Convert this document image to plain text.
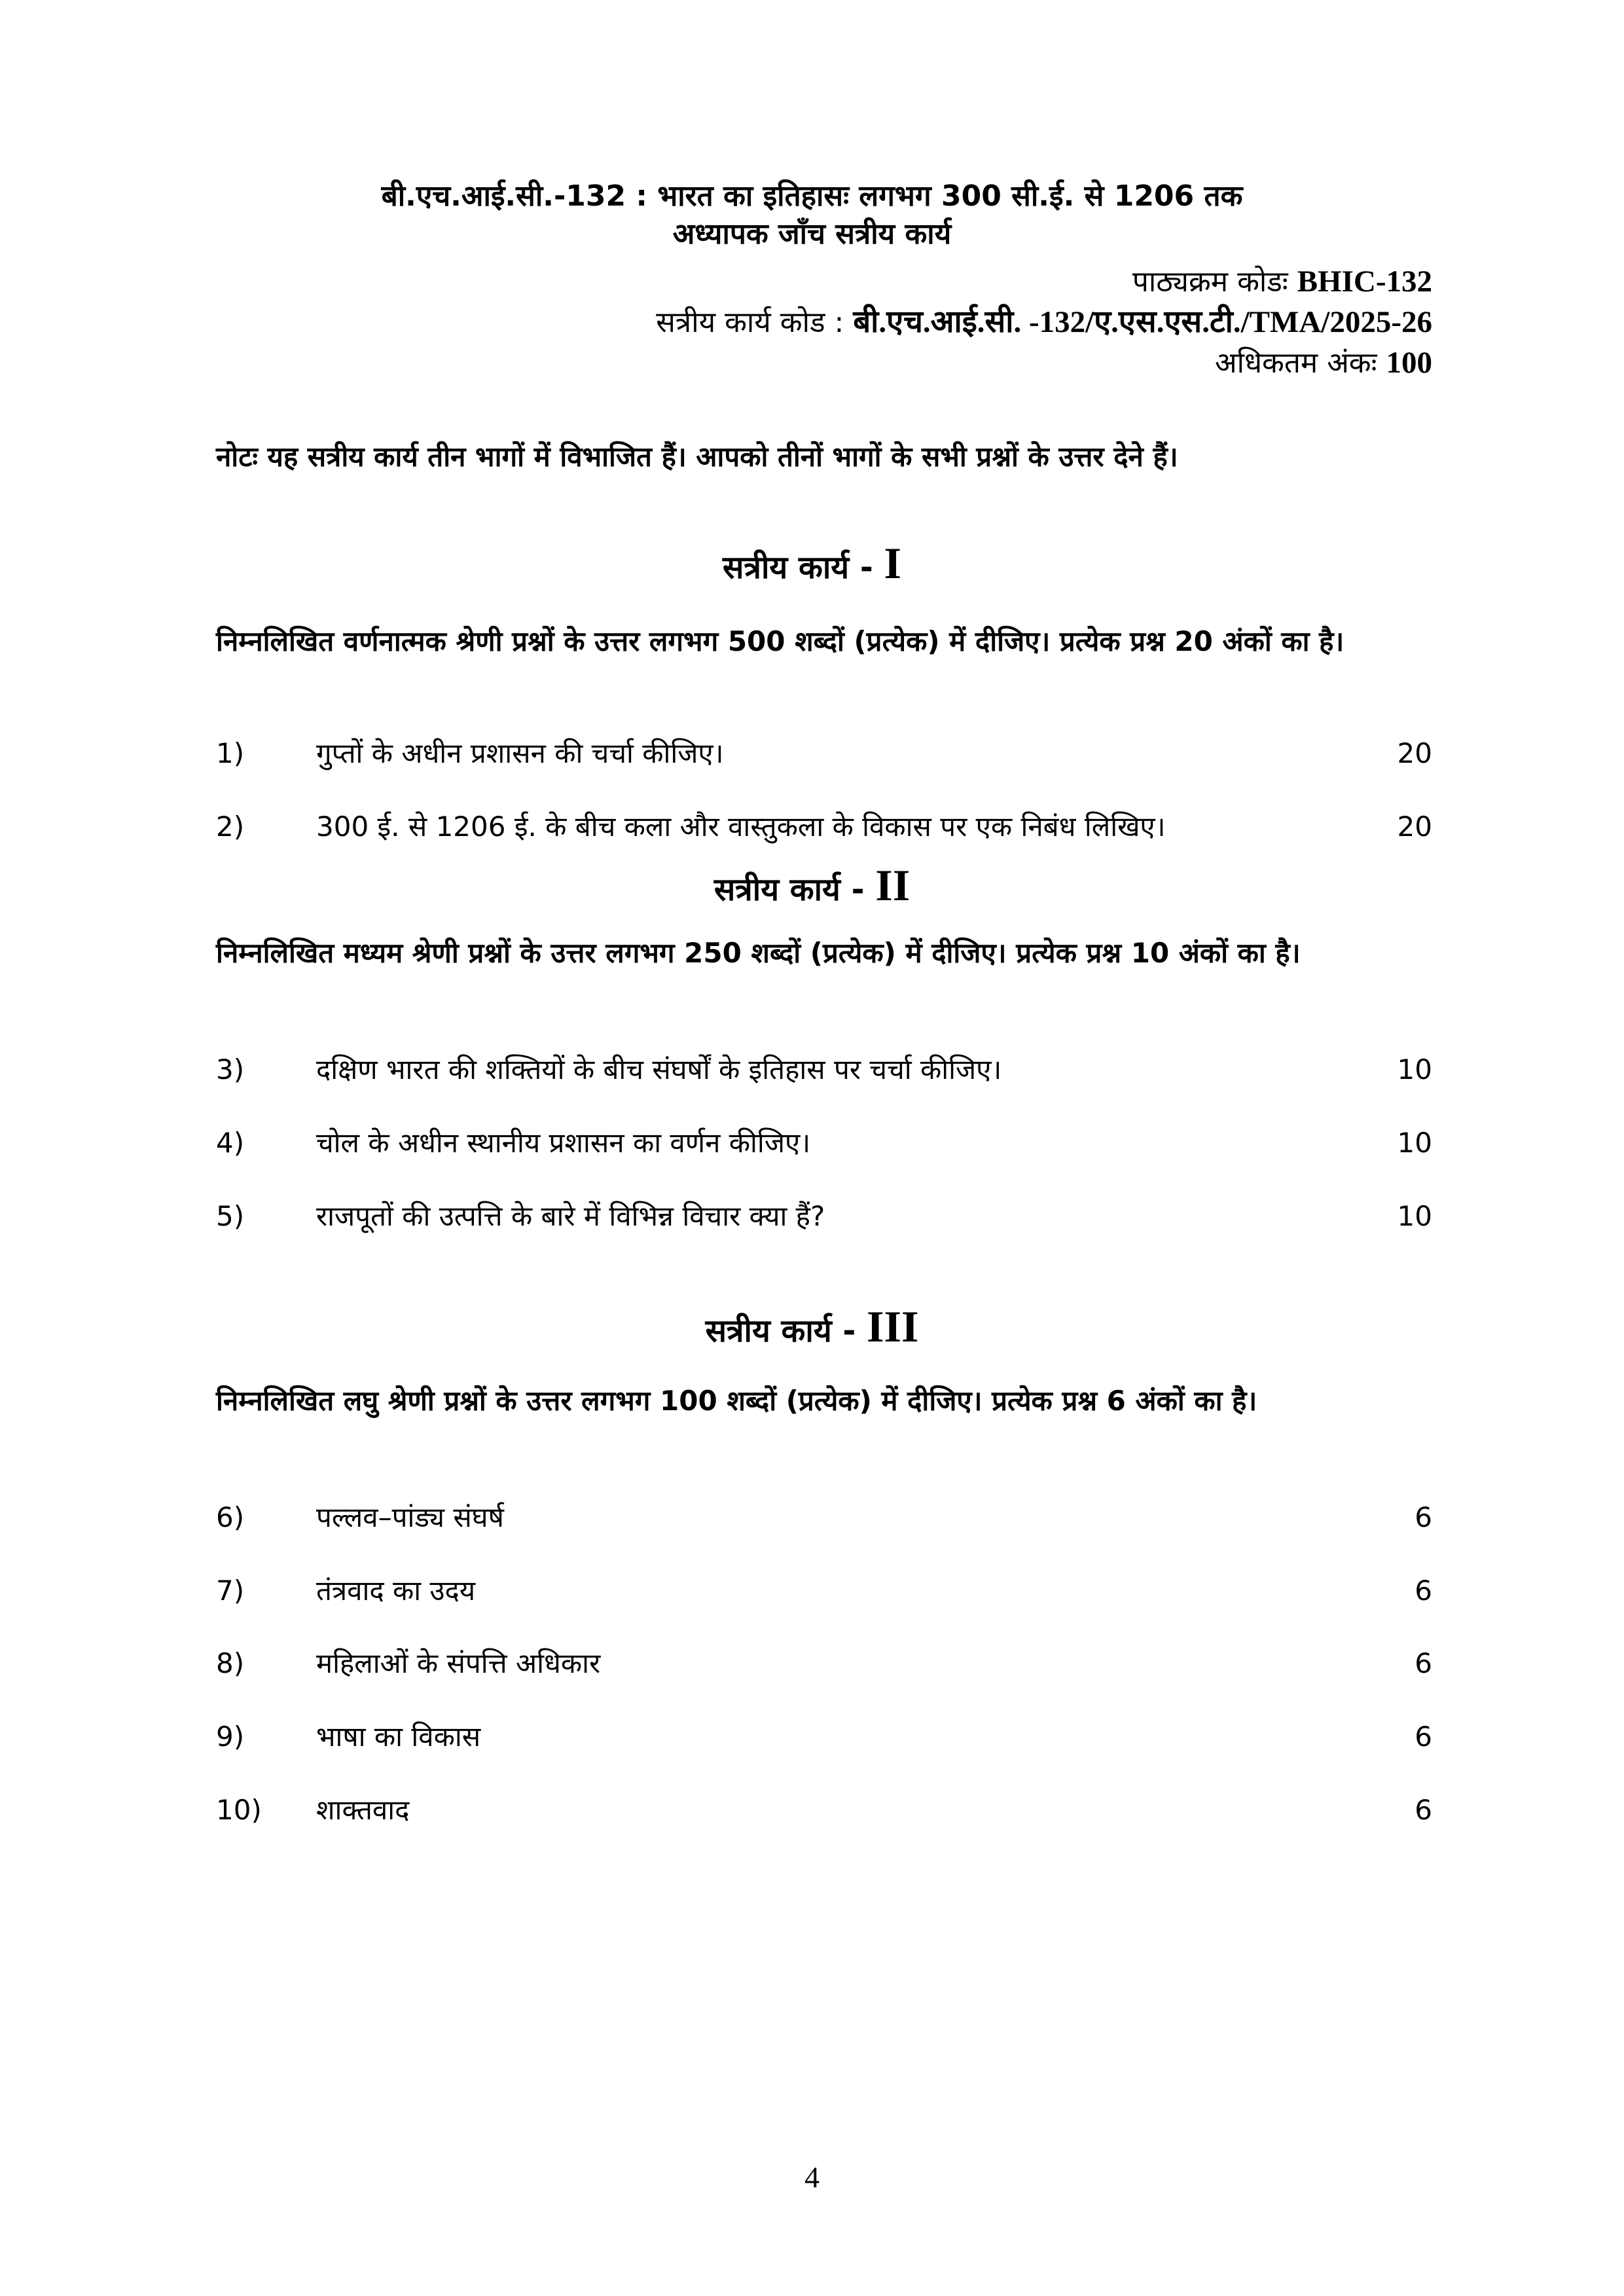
बी.एच.आई.सी.-132 : भारत का इतिहासः लगभग 300 सी.ई. से 1206 तक
अध्यापक जाँच सत्रीय कार्य
पाठ्यक्रम कोडः BHIC-132
सत्रीय कार्य कोड : बी.एच.आई.सी. -132/ए.एस.एस.टी./TMA/2025-26
अधिकतम अंकः 100
नोटः यह सत्रीय कार्य तीन भागों में विभाजित हैं। आपको तीनों भागों के सभी प्रश्नों के उत्तर देने हैं।
सत्रीय कार्य - I
निम्नलिखित वर्णनात्मक श्रेणी प्रश्नों के उत्तर लगभग 500 शब्दों (प्रत्येक) में दीजिए। प्रत्येक प्रश्न 20 अंकों का है।
1)	गुप्तों के अधीन प्रशासन की चर्चा कीजिए।	20
2)	300 ई. से 1206 ई. के बीच कला और वास्तुकला के विकास पर एक निबंध लिखिए।	20
सत्रीय कार्य - II
निम्नलिखित मध्यम श्रेणी प्रश्नों के उत्तर लगभग 250 शब्दों (प्रत्येक) में दीजिए। प्रत्येक प्रश्न 10 अंकों का है।
3)	दक्षिण भारत की शक्तियों के बीच संघर्षों के इतिहास पर चर्चा कीजिए।	10
4)	चोल के अधीन स्थानीय प्रशासन का वर्णन कीजिए।	10
5)	राजपूतों की उत्पत्ति के बारे में विभिन्न विचार क्या हैं?	10
सत्रीय कार्य - III
निम्नलिखित लघु श्रेणी प्रश्नों के उत्तर लगभग 100 शब्दों (प्रत्येक) में दीजिए। प्रत्येक प्रश्न 6 अंकों का है।
6)	पल्लव–पांड्य संघर्ष	6
7)	तंत्रवाद का उदय	6
8)	महिलाओं के संपत्ति अधिकार	6
9)	भाषा का विकास	6
10) शाक्तवाद	6
4
